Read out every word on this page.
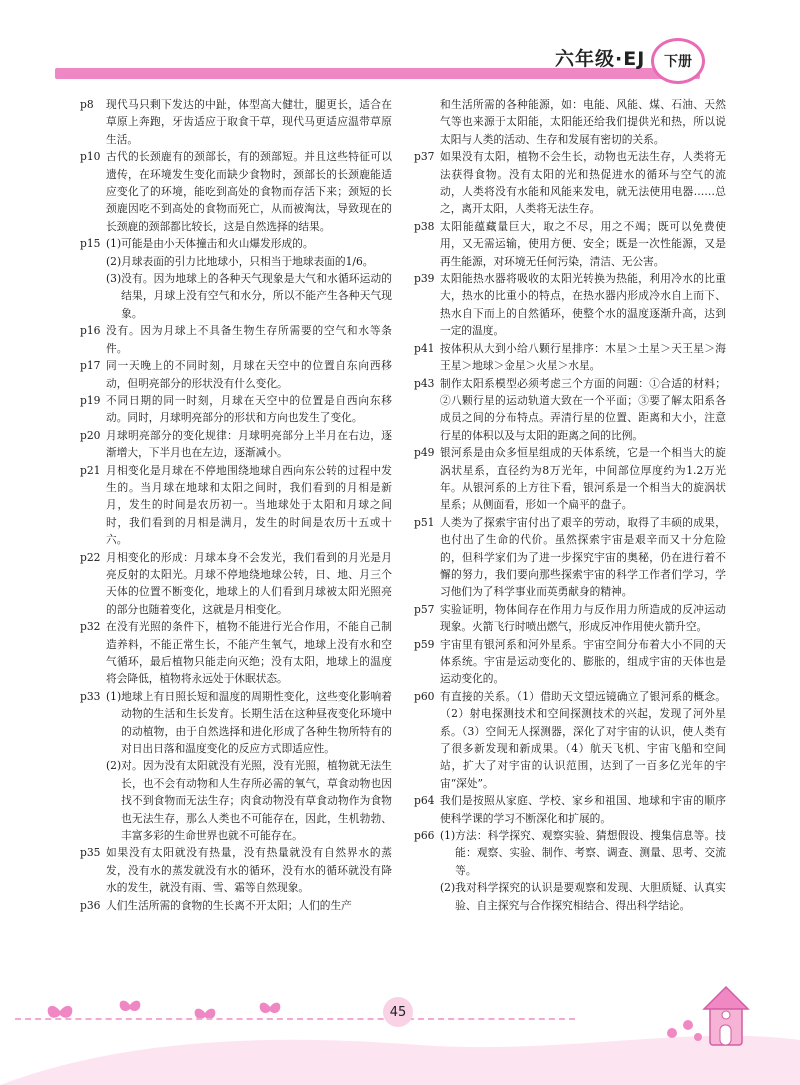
六年级·EJ	下册
p8	现代马只剩下发达的中趾，体型高大健壮，腿更长，适合在草原上奔跑，牙齿适应于取食干草，现代马更适应温带草原生活。
p10 古代的长颈鹿有的颈部长，有的颈部短。并且这些特征可以遗传，在环境发生变化而缺少食物时，颈部长的长颈鹿能适应变化了的环境，能吃到高处的食物而存活下来；颈短的长颈鹿因吃不到高处的食物而死亡，从而被淘汰，导致现在的长颈鹿的颈部都比较长，这是自然选择的结果。
p15 (1) 可能是由小天体撞击和火山爆发形成的。
(2) 月球表面的引力比地球小，只相当于地球表面的1/6。
(3) 没有。因为地球上的各种天气现象是大气和水循环运动的结果，月球上没有空气和水分，所以不能产生各种天气现象。
p16 没有。因为月球上不具备生物生存所需要的空气和水等条件。
p17 同一天晚上的不同时刻，月球在天空中的位置自东向西移动，但明亮部分的形状没有什么变化。
p19 不同日期的同一时刻，月球在天空中的位置是自西向东移动。同时，月球明亮部分的形状和方向也发生了变化。
p20 月球明亮部分的变化规律：月球明亮部分上半月在右边，逐渐增大，下半月也在左边，逐渐减小。
p21 月相变化是月球在不停地围绕地球自西向东公转的过程中发生的。当月球在地球和太阳之间时，我们看到的月相是新月，发生的时间是农历初一。当地球处于太阳和月球之间时，我们看到的月相是满月，发生的时间是农历十五或十六。
p22 月相变化的形成：月球本身不会发光，我们看到的月光是月亮反射的太阳光。月球不停地绕地球公转，日、地、月三个天体的位置不断变化，地球上的人们看到月球被太阳光照亮的部分也随着变化，这就是月相变化。
p32 在没有光照的条件下，植物不能进行光合作用，不能自己制造养料，不能正常生长，不能产生氧气，地球上没有水和空气循环，最后植物只能走向灭绝；没有太阳，地球上的温度将会降低，植物将永远处于休眠状态。
p33 (1) 地球上有日照长短和温度的周期性变化，这些变化影响着动物的生活和生长发育。长期生活在这种昼夜变化环境中的动植物，由于自然选择和进化形成了各种生物所特有的对日出日落和温度变化的反应方式即适应性。
(2) 对。因为没有太阳就没有光照，没有光照，植物就无法生长，也不会有动物和人生存所必需的氧气，草食动物也因找不到食物而无法生存；肉食动物没有草食动物作为食物也无法生存，那么人类也不可能存在，因此，生机勃勃、丰富多彩的生命世界也就不可能存在。
p35 如果没有太阳就没有热量，没有热量就没有自然界水的蒸发，没有水的蒸发就没有水的循环，没有水的循环就没有降水的发生，就没有雨、雪、霜等自然现象。
p36 人们生活所需的食物的生长离不开太阳；人们的生产
和生活所需的各种能源，如：电能、风能、煤、石油、天然气等也来源于太阳能，太阳能还给我们提供光和热，所以说太阳与人类的活动、生存和发展有密切的关系。
p37 如果没有太阳，植物不会生长，动物也无法生存，人类将无法获得食物。没有太阳的光和热促进水的循环与空气的流动，人类将没有水能和风能来发电，就无法使用电器……总之，离开太阳，人类将无法生存。
p38 太阳能蕴藏量巨大，取之不尽，用之不竭；既可以免费使用，又无需运输，使用方便、安全；既是一次性能源，又是再生能源，对环境无任何污染，清洁、无公害。
p39 太阳能热水器将吸收的太阳光转换为热能，利用冷水的比重大，热水的比重小的特点，在热水器内形成冷水自上而下、热水自下而上的自然循环，使整个水的温度逐渐升高，达到一定的温度。
p41 按体积从大到小给八颗行星排序：木星＞土星＞天王星＞海王星＞地球＞金星＞火星＞水星。
p43 制作太阳系模型必须考虑三个方面的问题：①合适的材料；②八颗行星的运动轨道大致在一个平面；③要了解太阳系各成员之间的分布特点。弄清行星的位置、距离和大小，注意行星的体积以及与太阳的距离之间的比例。
p49 银河系是由众多恒星组成的天体系统，它是一个相当大的旋涡状星系，直径约为8万光年，中间部位厚度约为1.2万光年。从银河系的上方往下看，银河系是一个相当大的旋涡状星系；从侧面看，形如一个扁平的盘子。
p51 人类为了探索宇宙付出了艰辛的劳动，取得了丰硕的成果，也付出了生命的代价。虽然探索宇宙是艰辛而又十分危险的，但科学家们为了进一步探究宇宙的奥秘，仍在进行着不懈的努力，我们要向那些探索宇宙的科学工作者们学习，学习他们为了科学事业而英勇献身的精神。
p57 实验证明，物体间存在作用力与反作用力所造成的反冲运动现象。火箭飞行时喷出燃气，形成反冲作用使火箭升空。
p59 宇宙里有银河系和河外星系。宇宙空间分布着大小不同的天体系统。宇宙是运动变化的、膨胀的，组成宇宙的天体也是运动变化的。
p60 有直接的关系。（1）借助天文望远镜确立了银河系的概念。（2）射电探测技术和空间探测技术的兴起，发现了河外星系。（3）空间无人探测器，深化了对宇宙的认识，使人类有了很多新发现和新成果。（4）航天飞机、宇宙飞船和空间站，扩大了对宇宙的认识范围，达到了一百多亿光年的宇宙“深处”。
p64 我们是按照从家庭、学校、家乡和祖国、地球和宇宙的顺序使科学课的学习不断深化和扩展的。
p66 (1) 方法：科学探究、观察实验、猜想假设、搜集信息等。技能：观察、实验、制作、考察、调查、测量、思考、交流等。
(2) 我对科学探究的认识是要观察和发现、大胆质疑、认真实验、自主探究与合作探究相结合、得出科学结论。
45
